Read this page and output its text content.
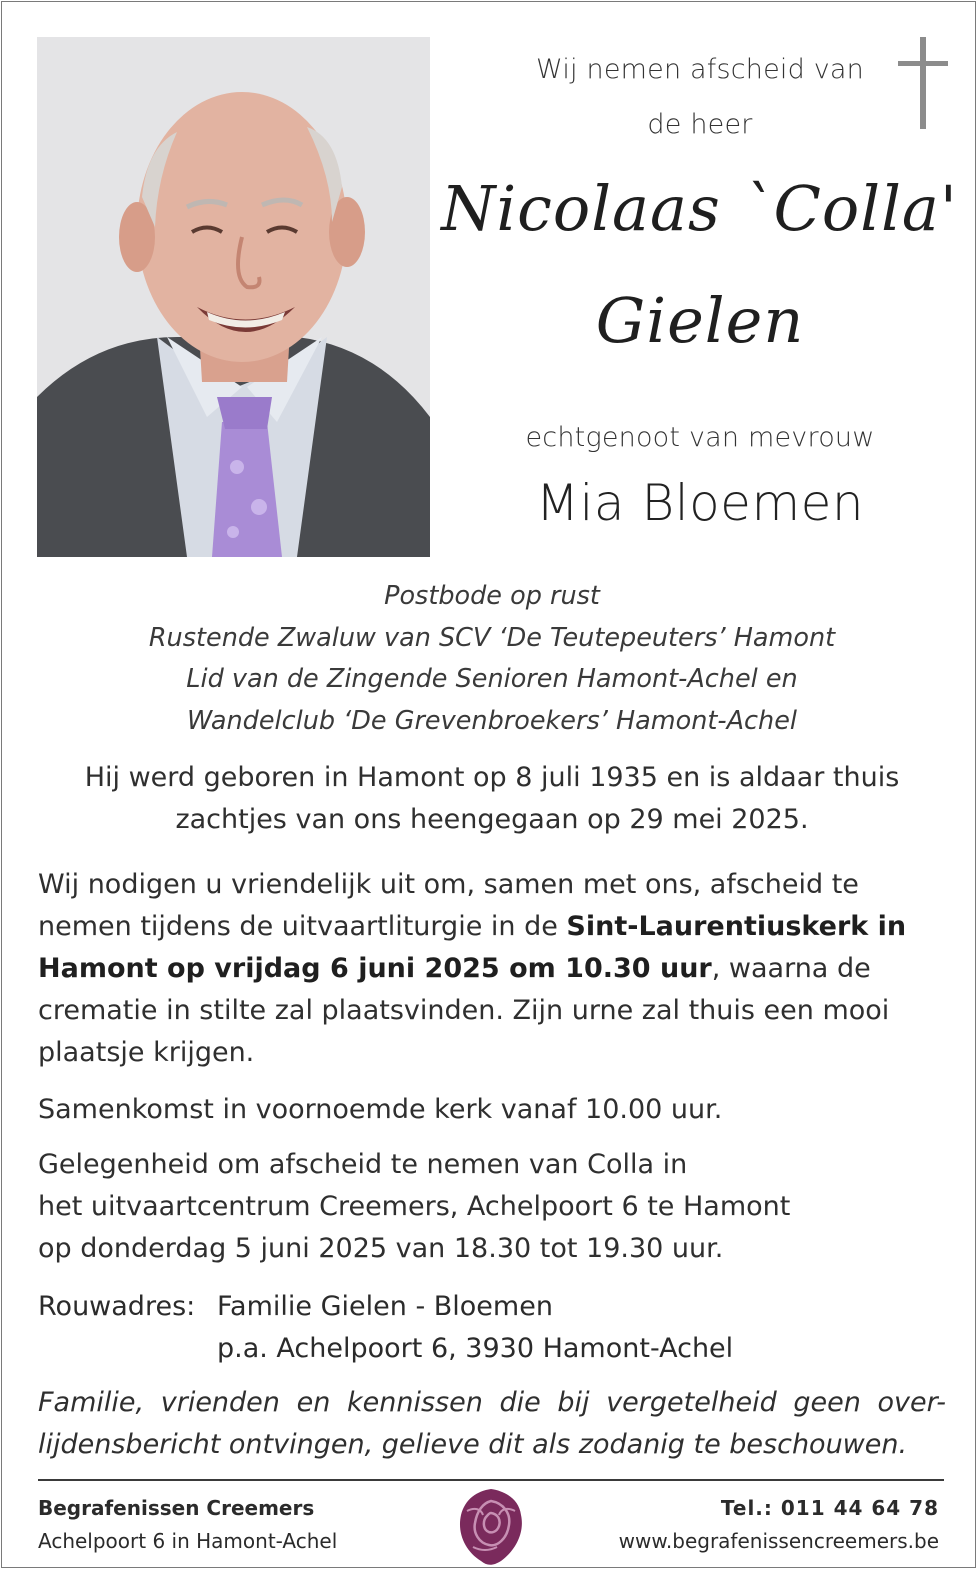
Wij nemen afscheid van
de heer
Nicolaas `Colla'
Gielen
echtgenoot van mevrouw
Mia Bloemen
Postbode op rust
Rustende Zwaluw van SCV ‘De Teutepeuters’ Hamont
Lid van de Zingende Senioren Hamont-Achel en
Wandelclub ‘De Grevenbroekers’ Hamont-Achel
Hij werd geboren in Hamont op 8 juli 1935 en is aldaar thuis
zachtjes van ons heengegaan op 29 mei 2025.
Wij nodigen u vriendelijk uit om, samen met ons, afscheid te
nemen tijdens de uitvaartliturgie in de Sint-Laurentiuskerk in
Hamont op vrijdag 6 juni 2025 om 10.30 uur, waarna de
crematie in stilte zal plaatsvinden. Zijn urne zal thuis een mooi
plaatsje krijgen.
Samenkomst in voornoemde kerk vanaf 10.00 uur.
Gelegenheid om afscheid te nemen van Colla in
het uitvaartcentrum Creemers, Achelpoort 6 te Hamont
op donderdag 5 juni 2025 van 18.30 tot 19.30 uur.
Rouwadres: Familie Gielen - Bloemen
p.a. Achelpoort 6, 3930 Hamont-Achel
Familie, vrienden en kennissen die bij vergetelheid geen over-
lijdensbericht ontvingen, gelieve dit als zodanig te beschouwen.
Begrafenissen Creemers
Achelpoort 6 in Hamont-Achel
Tel.: 011 44 64 78
www.begrafenissencreemers.be
